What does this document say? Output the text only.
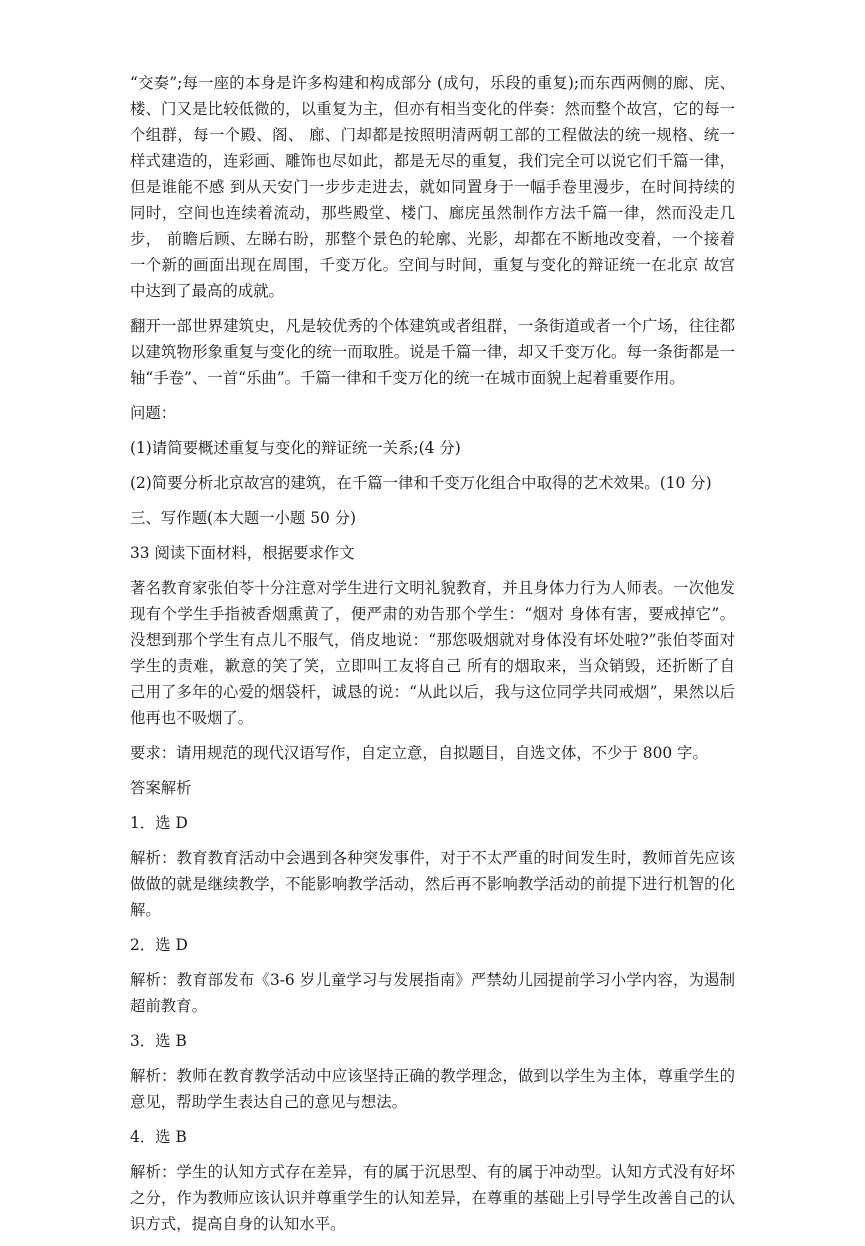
“交奏”;每一座的本身是许多构建和构成部分 (成句，乐段的重复);而东西两侧的廊、庑、楼、门又是比较低微的，以重复为主，但亦有相当变化的伴奏：然而整个故宫，它的每一个组群，每一个殿、阁、 廊、门却都是按照明清两朝工部的工程做法的统一规格、统一样式建造的，连彩画、雕饰也尽如此，都是无尽的重复，我们完全可以说它们千篇一律，但是谁能不感 到从天安门一步步走进去，就如同置身于一幅手卷里漫步，在时间持续的同时，空间也连续着流动，那些殿堂、楼门、廊庑虽然制作方法千篇一律，然而没走几步， 前瞻后顾、左睇右盼，那整个景色的轮廓、光影，却都在不断地改变着，一个接着一个新的画面出现在周围，千变万化。空间与时间，重复与变化的辩证统一在北京 故宫中达到了最高的成就。

翻开一部世界建筑史，凡是较优秀的个体建筑或者组群，一条街道或者一个广场，往往都以建筑物形象重复与变化的统一而取胜。说是千篇一律，却又千变万化。每一条街都是一轴“手卷”、一首“乐曲”。千篇一律和千变万化的统一在城市面貌上起着重要作用。

问题：

(1)请简要概述重复与变化的辩证统一关系;(4 分)

(2)简要分析北京故宫的建筑，在千篇一律和千变万化组合中取得的艺术效果。(10 分)

三、写作题(本大题一小题 50 分)

33 阅读下面材料，根据要求作文

著名教育家张伯苓十分注意对学生进行文明礼貌教育，并且身体力行为人师表。一次他发现有个学生手指被香烟熏黄了，便严肃的劝告那个学生：“烟对 身体有害，要戒掉它”。没想到那个学生有点儿不服气，俏皮地说：“那您吸烟就对身体没有坏处啦?”张伯苓面对学生的责难，歉意的笑了笑，立即叫工友将自己 所有的烟取来，当众销毁，还折断了自己用了多年的心爱的烟袋杆，诚恳的说：“从此以后，我与这位同学共同戒烟”，果然以后他再也不吸烟了。

要求：请用规范的现代汉语写作，自定立意，自拟题目，自选文体，不少于 800 字。

答案解析

1．选 D

解析：教育教育活动中会遇到各种突发事件，对于不太严重的时间发生时，教师首先应该做做的就是继续教学，不能影响教学活动，然后再不影响教学活动的前提下进行机智的化解。

2．选 D

解析：教育部发布《3-6 岁儿童学习与发展指南》严禁幼儿园提前学习小学内容，为遏制超前教育。

3．选 B

解析：教师在教育教学活动中应该坚持正确的教学理念，做到以学生为主体，尊重学生的意见，帮助学生表达自己的意见与想法。

4．选 B

解析：学生的认知方式存在差异，有的属于沉思型、有的属于冲动型。认知方式没有好坏之分，作为教师应该认识并尊重学生的认知差异，在尊重的基础上引导学生改善自己的认识方式，提高自身的认知水平。
